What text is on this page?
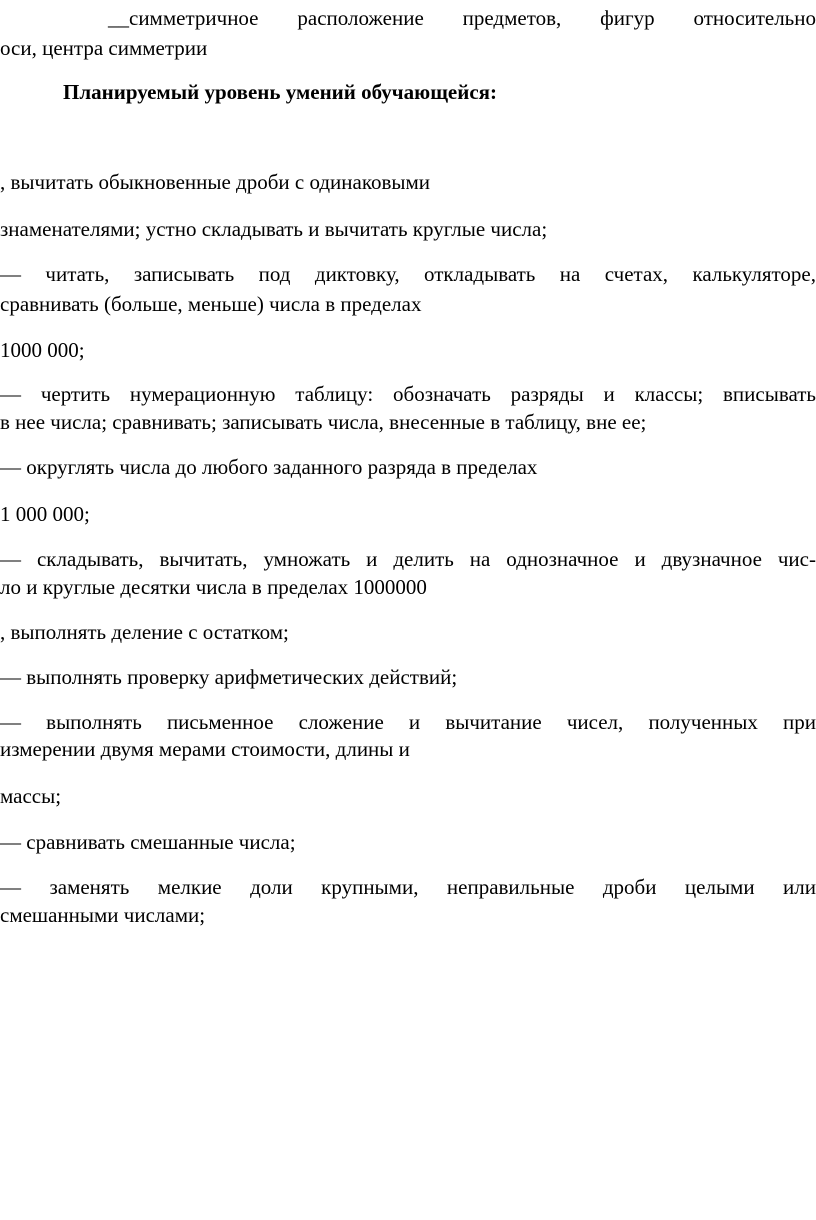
__симметричное расположение предметов, фигур относительно
оси, центра симметрии
Планируемый уровень умений обучающейся:
, вычитать обыкновенные дроби с одинаковыми
знаменателями; устно складывать и вычитать круглые числа;
— читать, записывать под диктовку, откладывать на счетах, калькуляторе,
сравнивать (больше, меньше) числа в пределах
1000 000;
— чертить нумерационную таблицу: обозначать разряды и классы; вписывать
в нее числа; сравнивать; записывать числа, внесенные в таблицу, вне ее;
— округлять числа до любого заданного разряда в пределах
1 000 000;
— складывать, вычитать, умножать и делить на однозначное и двузначное чис-
ло и круглые десятки числа в пределах 1000000
, выполнять деление с остатком;
— выполнять проверку арифметических действий;
— выполнять письменное сложение и вычитание чисел, полученных при
измерении двумя мерами стоимости, длины и
массы;
— сравнивать смешанные числа;
— заменять мелкие доли крупными, неправильные дроби целыми или
смешанными числами;
